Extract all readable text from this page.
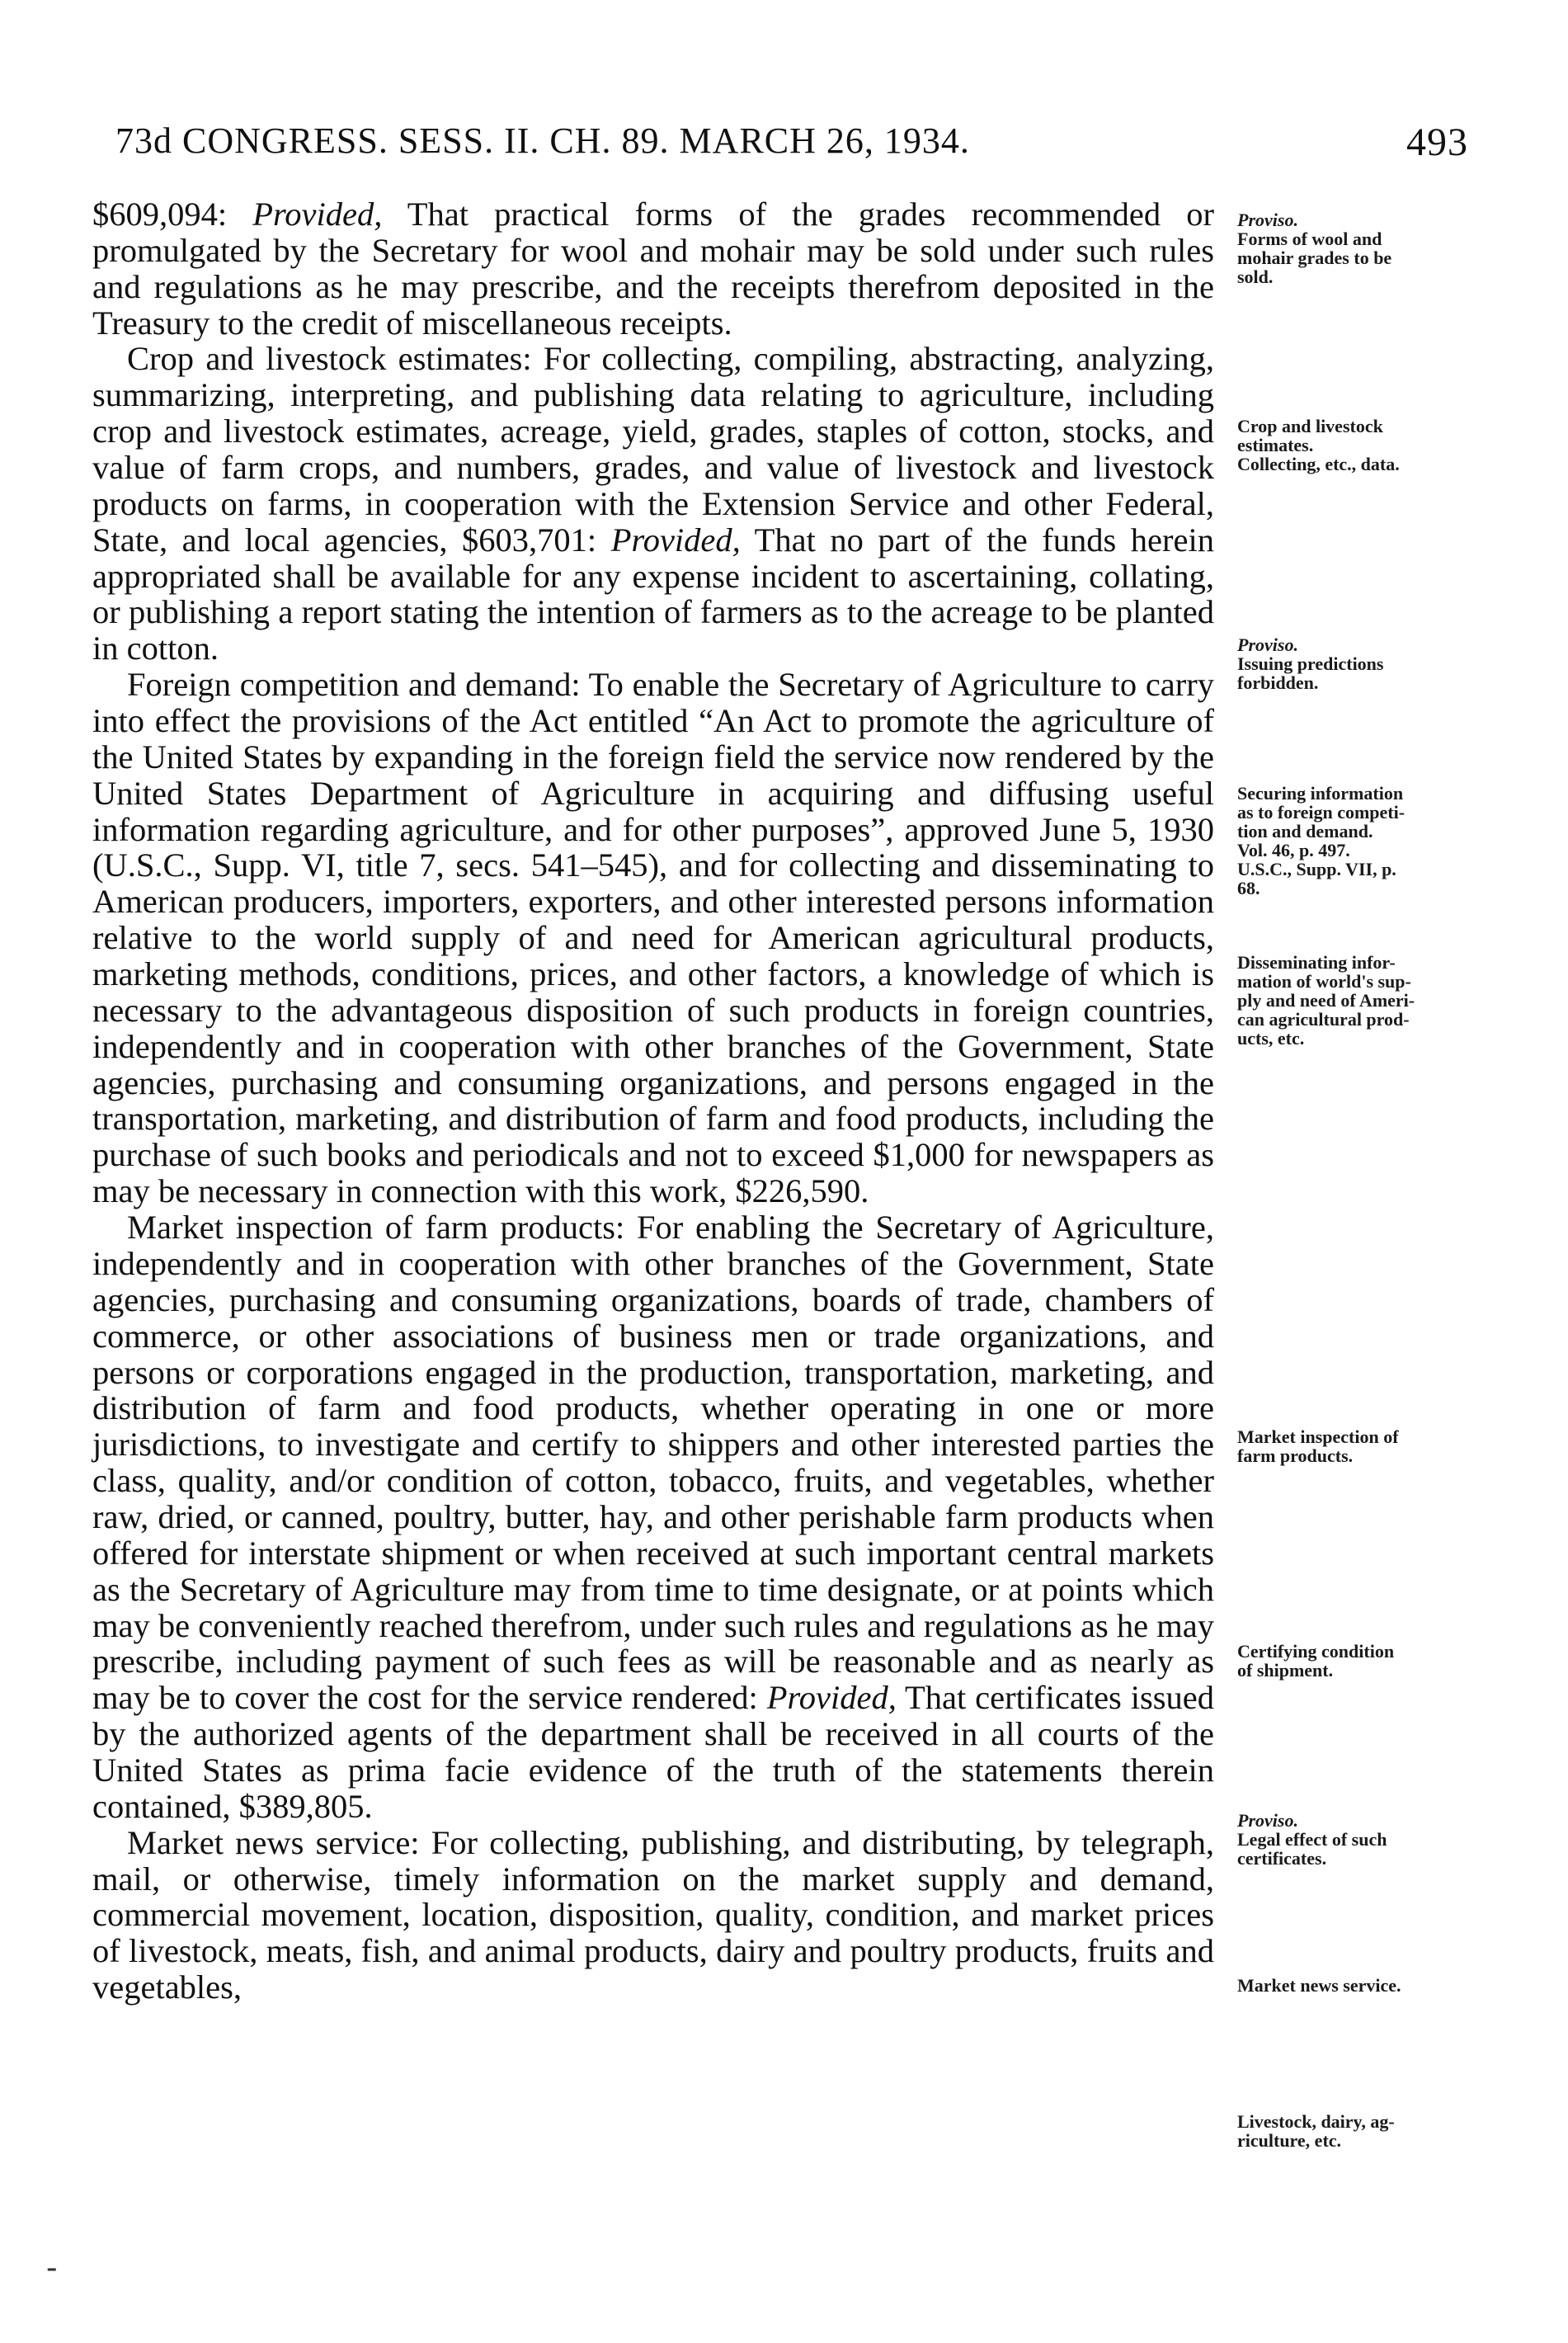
73d CONGRESS. SESS. II. CH. 89. MARCH 26, 1934.	493

$609,094: Provided, That practical forms of the grades recommended or promulgated by the Secretary for wool and mohair may be sold under such rules and regulations as he may prescribe, and the receipts therefrom deposited in the Treasury to the credit of miscellaneous receipts.

Crop and livestock estimates: For collecting, compiling, abstracting, analyzing, summarizing, interpreting, and publishing data relating to agriculture, including crop and livestock estimates, acreage, yield, grades, staples of cotton, stocks, and value of farm crops, and numbers, grades, and value of livestock and livestock products on farms, in cooperation with the Extension Service and other Federal, State, and local agencies, $603,701: Provided, That no part of the funds herein appropriated shall be available for any expense incident to ascertaining, collating, or publishing a report stating the intention of farmers as to the acreage to be planted in cotton.

Foreign competition and demand: To enable the Secretary of Agriculture to carry into effect the provisions of the Act entitled “An Act to promote the agriculture of the United States by expanding in the foreign field the service now rendered by the United States Department of Agriculture in acquiring and diffusing useful information regarding agriculture, and for other purposes”, approved June 5, 1930 (U.S.C., Supp. VI, title 7, secs. 541–545), and for collecting and disseminating to American producers, importers, exporters, and other interested persons information relative to the world supply of and need for American agricultural products, marketing methods, conditions, prices, and other factors, a knowledge of which is necessary to the advantageous disposition of such products in foreign countries, independently and in cooperation with other branches of the Government, State agencies, purchasing and consuming organizations, and persons engaged in the transportation, marketing, and distribution of farm and food products, including the purchase of such books and periodicals and not to exceed $1,000 for newspapers as may be necessary in connection with this work, $226,590.

Market inspection of farm products: For enabling the Secretary of Agriculture, independently and in cooperation with other branches of the Government, State agencies, purchasing and consuming organizations, boards of trade, chambers of commerce, or other associations of business men or trade organizations, and persons or corporations engaged in the production, transportation, marketing, and distribution of farm and food products, whether operating in one or more jurisdictions, to investigate and certify to shippers and other interested parties the class, quality, and/or condition of cotton, tobacco, fruits, and vegetables, whether raw, dried, or canned, poultry, butter, hay, and other perishable farm products when offered for interstate shipment or when received at such important central markets as the Secretary of Agriculture may from time to time designate, or at points which may be conveniently reached therefrom, under such rules and regulations as he may prescribe, including payment of such fees as will be reasonable and as nearly as may be to cover the cost for the service rendered: Provided, That certificates issued by the authorized agents of the department shall be received in all courts of the United States as prima facie evidence of the truth of the statements therein contained, $389,805.

Market news service: For collecting, publishing, and distributing, by telegraph, mail, or otherwise, timely information on the market supply and demand, commercial movement, location, disposition, quality, condition, and market prices of livestock, meats, fish, and animal products, dairy and poultry products, fruits and vegetables,

Proviso.
Forms of wool and
mohair grades to be
sold.
Crop and livestock
estimates.
Collecting, etc., data.
Proviso.
Issuing predictions
forbidden.
Securing information
as to foreign competi-
tion and demand.
Vol. 46, p. 497.
U.S.C., Supp. VII, p.
68.
Disseminating infor-
mation of world's sup-
ply and need of Ameri-
can agricultural prod-
ucts, etc.
Market inspection of
farm products.
Certifying condition
of shipment.
Proviso.
Legal effect of such
certificates.
Market news service.
Livestock, dairy, ag-
riculture, etc.
-
